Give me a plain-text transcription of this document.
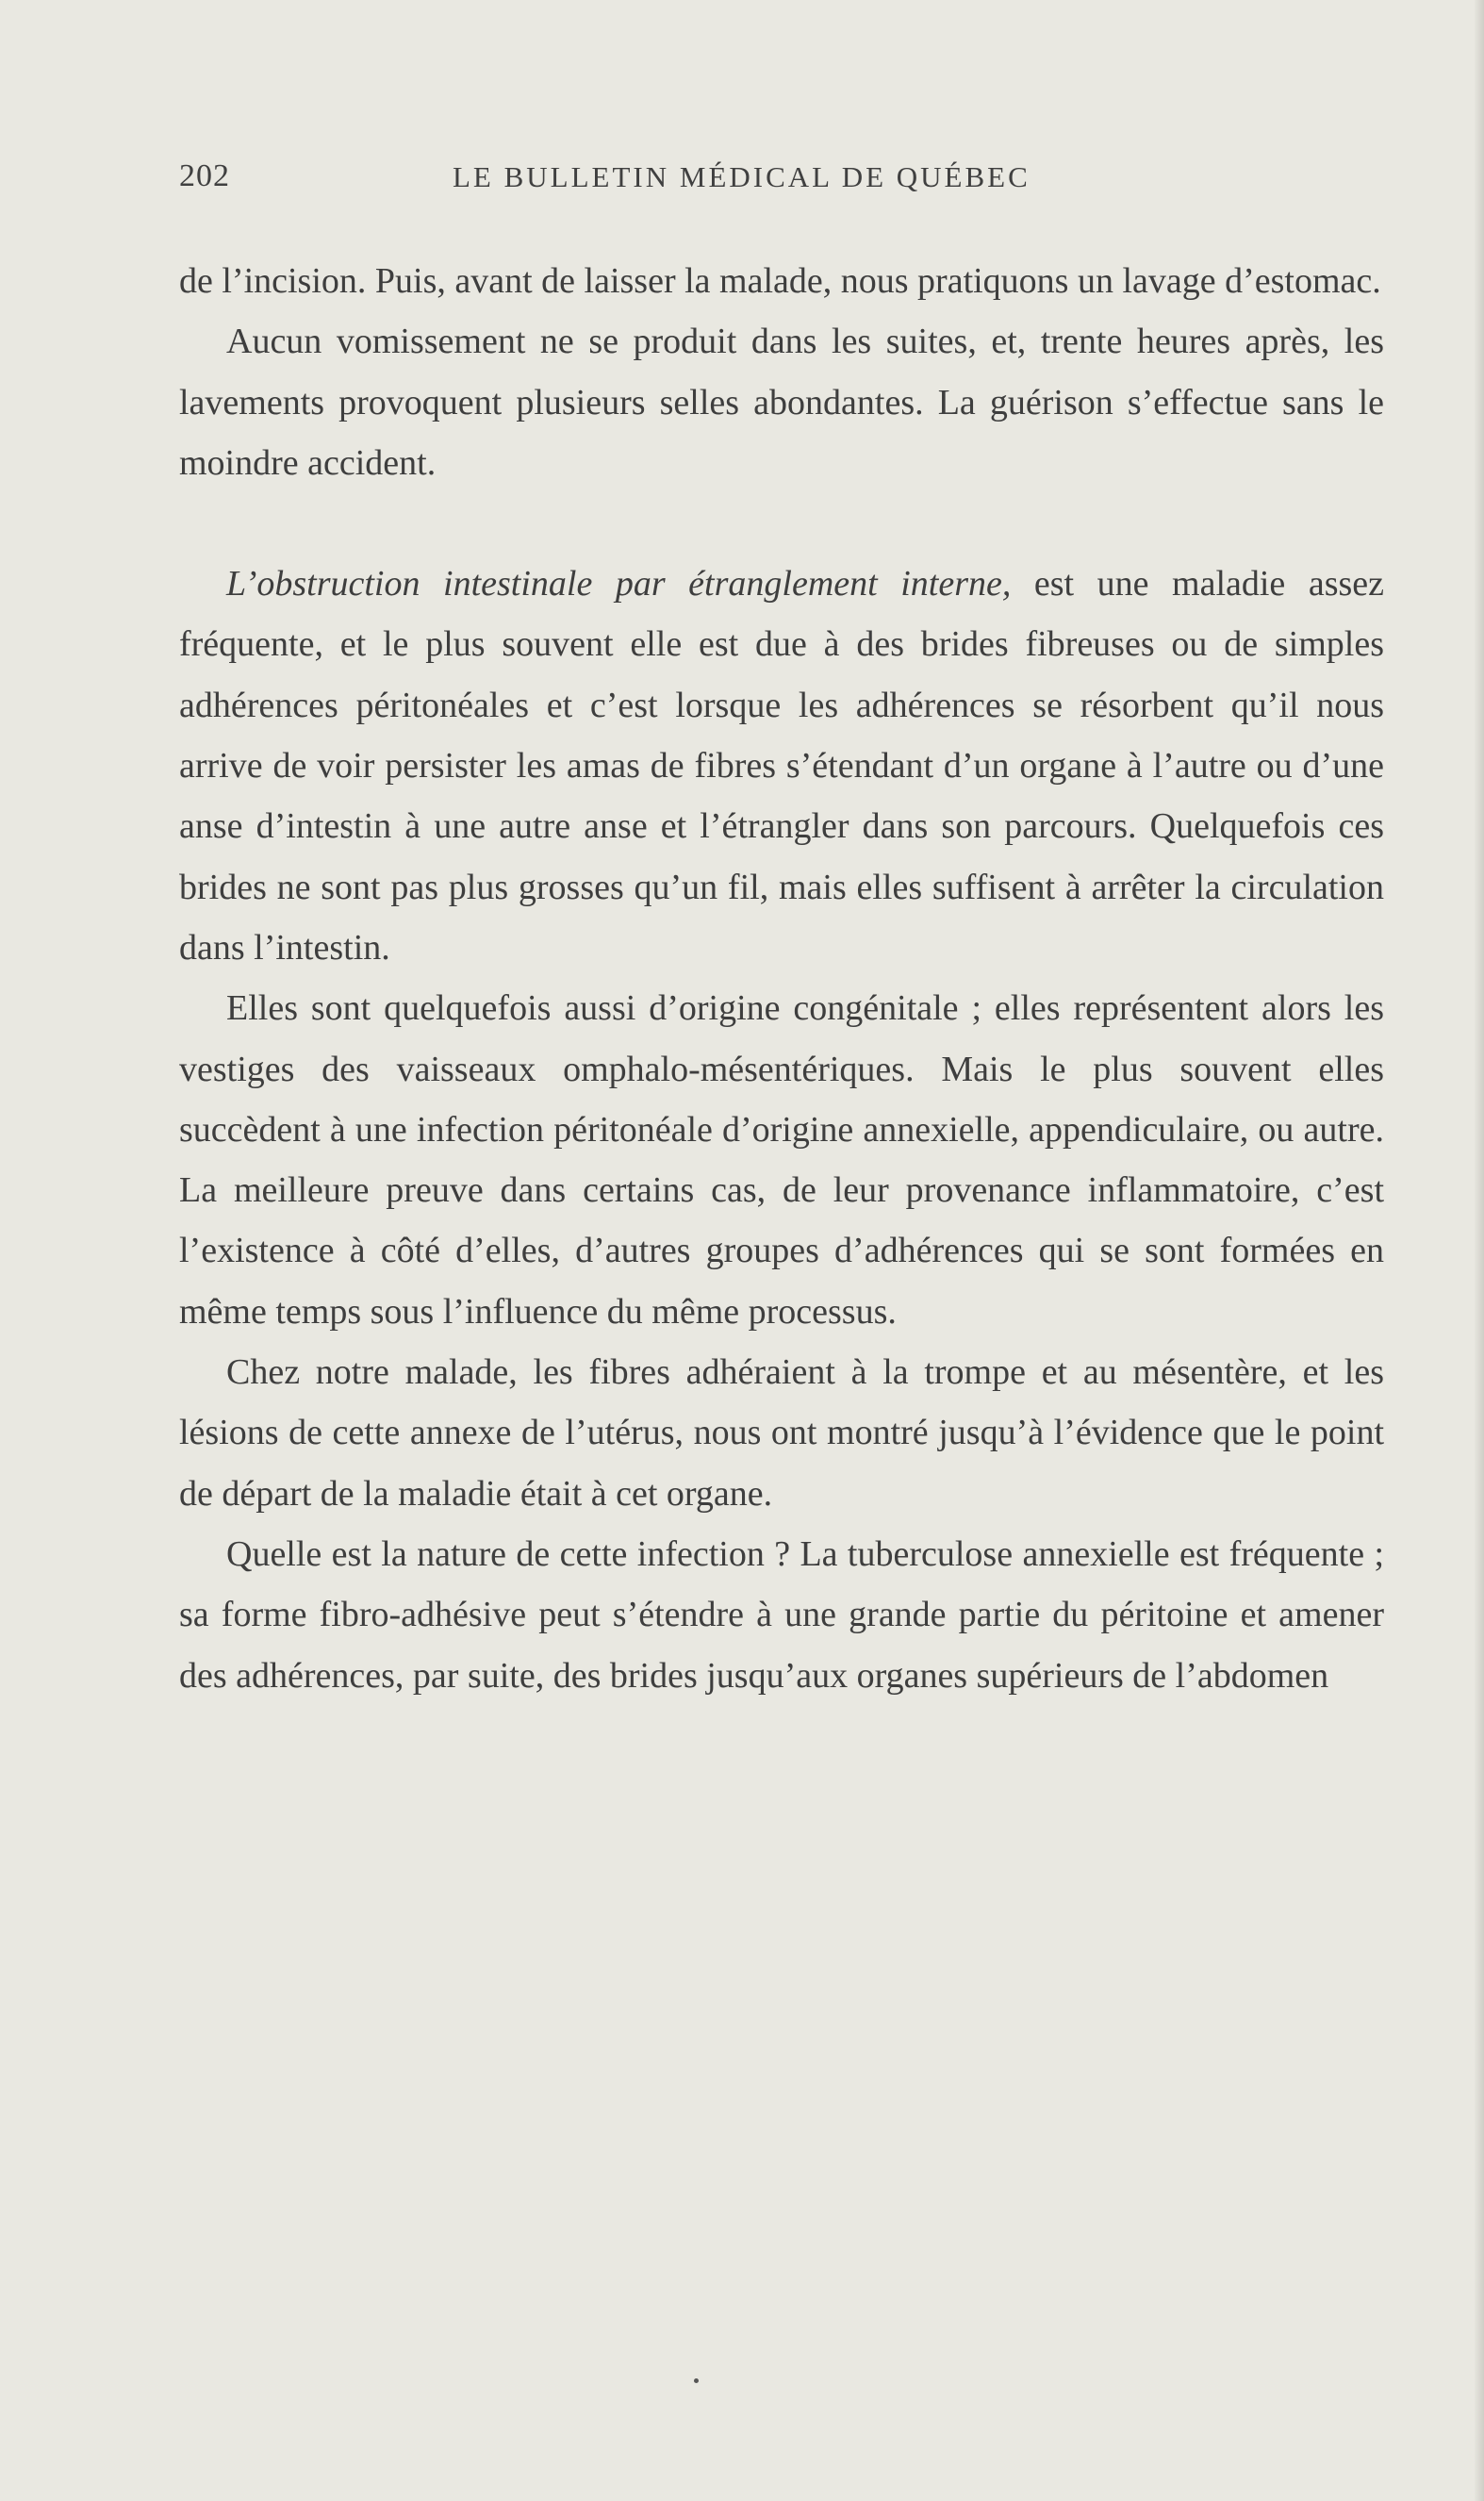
202	LE BULLETIN MÉDICAL DE QUÉBEC

de l’incision. Puis, avant de laisser la malade, nous pratiquons un lavage d’estomac.

Aucun vomissement ne se produit dans les suites, et, trente heures après, les lavements provoquent plusieurs selles abondantes. La guérison s’effectue sans le moindre accident.

L’obstruction intestinale par étranglement interne, est une maladie assez fréquente, et le plus souvent elle est due à des brides fibreuses ou de simples adhérences péritonéales et c’est lorsque les adhérences se résorbent qu’il nous arrive de voir persister les amas de fibres s’étendant d’un organe à l’autre ou d’une anse d’intestin à une autre anse et l’étrangler dans son parcours. Quelquefois ces brides ne sont pas plus grosses qu’un fil, mais elles suffisent à arrêter la circulation dans l’intestin.

Elles sont quelquefois aussi d’origine congénitale ; elles représentent alors les vestiges des vaisseaux omphalo-mésentériques. Mais le plus souvent elles succèdent à une infection péritonéale d’origine annexielle, appendiculaire, ou autre. La meilleure preuve dans certains cas, de leur provenance inflammatoire, c’est l’existence à côté d’elles, d’autres groupes d’adhérences qui se sont formées en même temps sous l’influence du même processus.

Chez notre malade, les fibres adhéraient à la trompe et au mésentère, et les lésions de cette annexe de l’utérus, nous ont montré jusqu’à l’évidence que le point de départ de la maladie était à cet organe.

Quelle est la nature de cette infection ? La tuberculose annexielle est fréquente ; sa forme fibro-adhésive peut s’étendre à une grande partie du péritoine et amener des adhérences, par suite, des brides jusqu’aux organes supérieurs de l’abdomen
